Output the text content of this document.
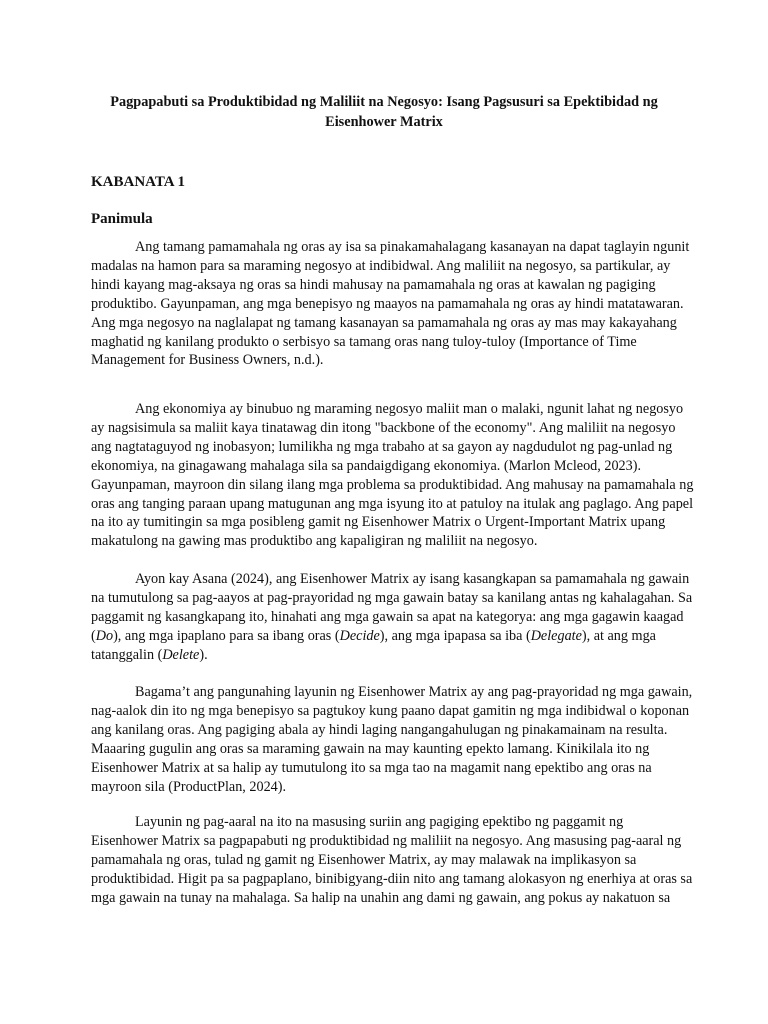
Pagpapabuti sa Produktibidad ng Maliliit na Negosyo: Isang Pagsusuri sa Epektibidad ng Eisenhower Matrix
KABANATA 1
Panimula

Ang tamang pamamahala ng oras ay isa sa pinakamahalagang kasanayan na dapat taglayin ngunit
madalas na hamon para sa maraming negosyo at indibidwal. Ang maliliit na negosyo, sa partikular, ay
hindi kayang mag-aksaya ng oras sa hindi mahusay na pamamahala ng oras at kawalan ng pagiging
produktibo. Gayunpaman, ang mga benepisyo ng maayos na pamamahala ng oras ay hindi matatawaran.
Ang mga negosyo na naglalapat ng tamang kasanayan sa pamamahala ng oras ay mas may kakayahang
maghatid ng kanilang produkto o serbisyo sa tamang oras nang tuloy-tuloy (Importance of Time
Management for Business Owners, n.d.).

Ang ekonomiya ay binubuo ng maraming negosyo maliit man o malaki, ngunit lahat ng negosyo
ay nagsisimula sa maliit kaya tinatawag din itong "backbone of the economy". Ang maliliit na negosyo
ang nagtataguyod ng inobasyon; lumilikha ng mga trabaho at sa gayon ay nagdudulot ng pag-unlad ng
ekonomiya, na ginagawang mahalaga sila sa pandaigdigang ekonomiya. (Marlon Mcleod, 2023).
Gayunpaman, mayroon din silang ilang mga problema sa produktibidad. Ang mahusay na pamamahala ng
oras ang tanging paraan upang matugunan ang mga isyung ito at patuloy na itulak ang paglago. Ang papel
na ito ay tumitingin sa mga posibleng gamit ng Eisenhower Matrix o Urgent-Important Matrix upang
makatulong na gawing mas produktibo ang kapaligiran ng maliliit na negosyo.

Ayon kay Asana (2024), ang Eisenhower Matrix ay isang kasangkapan sa pamamahala ng gawain
na tumutulong sa pag-aayos at pag-prayoridad ng mga gawain batay sa kanilang antas ng kahalagahan. Sa
paggamit ng kasangkapang ito, hinahati ang mga gawain sa apat na kategorya: ang mga gagawin kaagad
(Do), ang mga ipaplano para sa ibang oras (Decide), ang mga ipapasa sa iba (Delegate), at ang mga
tatanggalin (Delete).

Bagama’t ang pangunahing layunin ng Eisenhower Matrix ay ang pag-prayoridad ng mga gawain,
nag-aalok din ito ng mga benepisyo sa pagtukoy kung paano dapat gamitin ng mga indibidwal o koponan
ang kanilang oras. Ang pagiging abala ay hindi laging nangangahulugan ng pinakamainam na resulta.
Maaaring gugulin ang oras sa maraming gawain na may kaunting epekto lamang. Kinikilala ito ng
Eisenhower Matrix at sa halip ay tumutulong ito sa mga tao na magamit nang epektibo ang oras na
mayroon sila (ProductPlan, 2024).

Layunin ng pag-aaral na ito na masusing suriin ang pagiging epektibo ng paggamit ng
Eisenhower Matrix sa pagpapabuti ng produktibidad ng maliliit na negosyo. Ang masusing pag-aaral ng
pamamahala ng oras, tulad ng gamit ng Eisenhower Matrix, ay may malawak na implikasyon sa
produktibidad. Higit pa sa pagpaplano, binibigyang-diin nito ang tamang alokasyon ng enerhiya at oras sa
mga gawain na tunay na mahalaga. Sa halip na unahin ang dami ng gawain, ang pokus ay nakatuon sa
